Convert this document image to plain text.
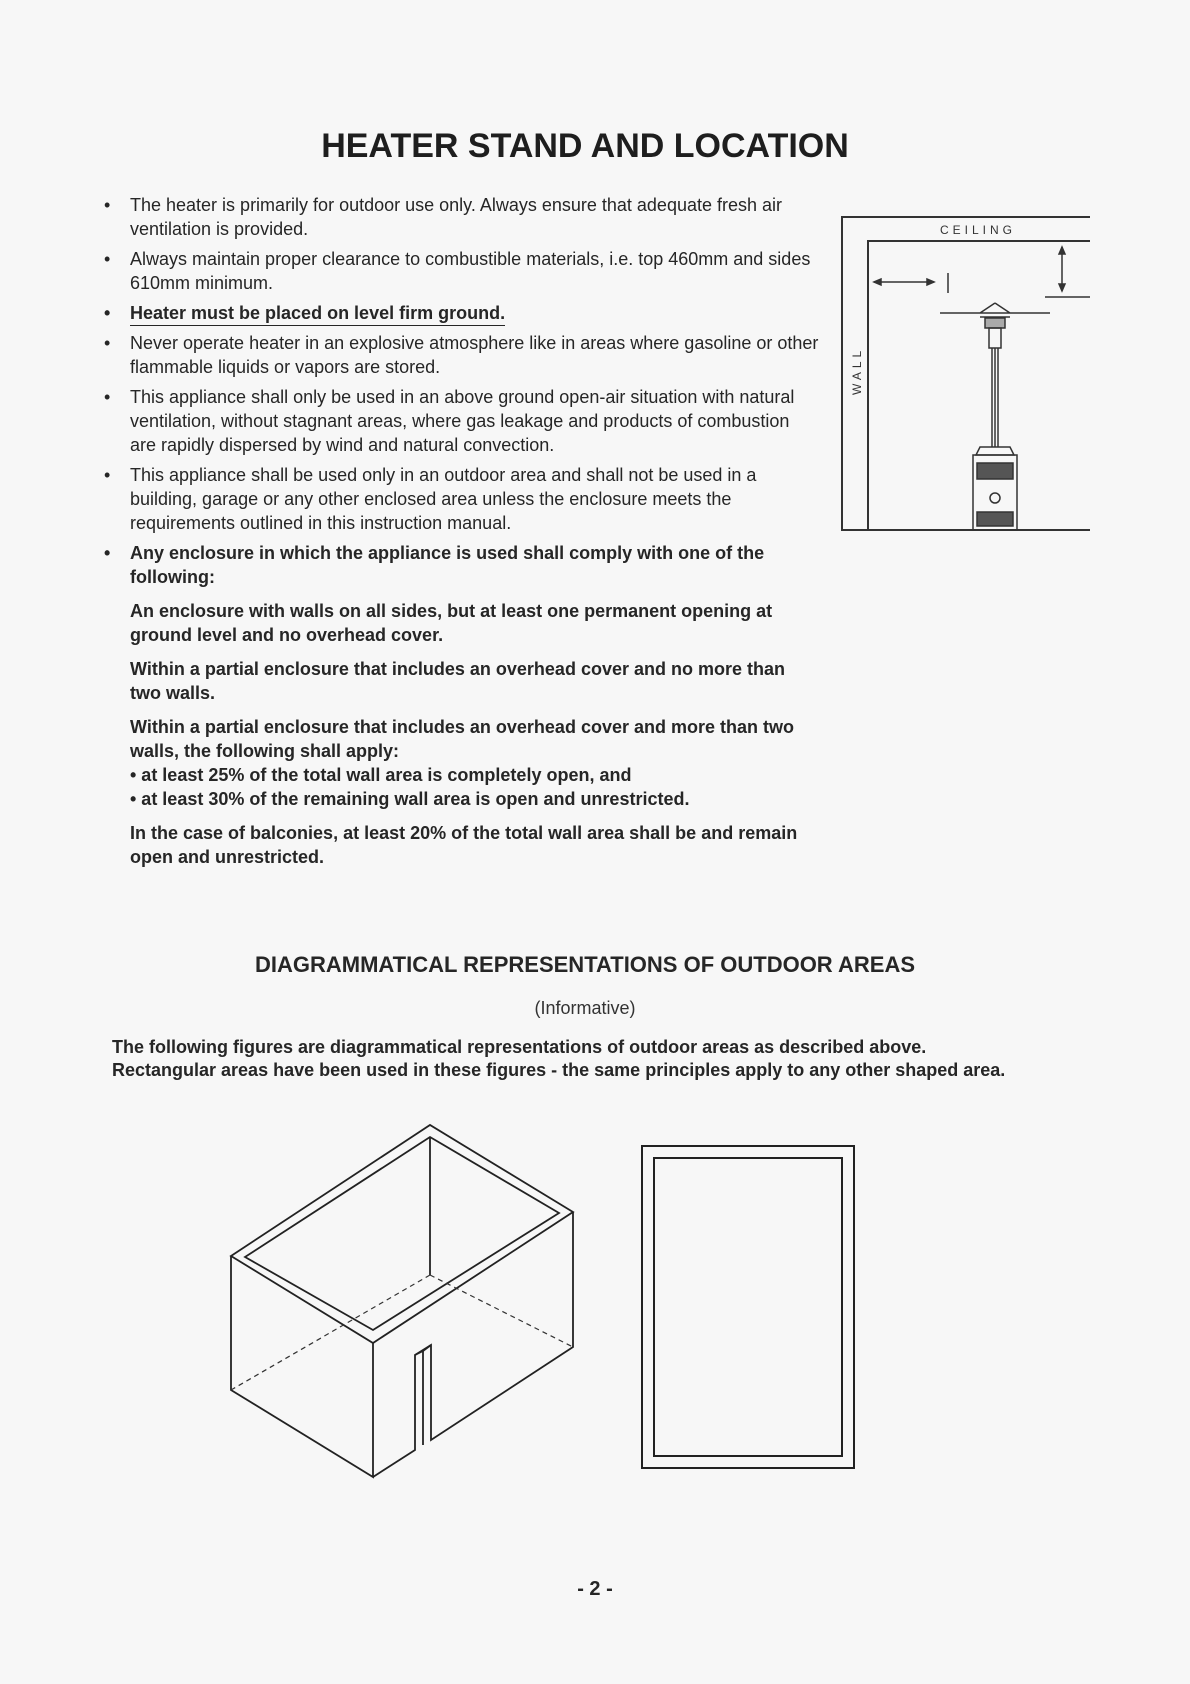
HEATER STAND AND LOCATION
• The heater is primarily for outdoor use only. Always ensure that adequate fresh air ventilation is provided.
• Always maintain proper clearance to combustible materials, i.e. top 460mm and sides 610mm minimum.
• Heater must be placed on level firm ground.
• Never operate heater in an explosive atmosphere like in areas where gasoline or other flammable liquids or vapors are stored.
• This appliance shall only be used in an above ground open-air situation with natural ventilation, without stagnant areas, where gas leakage and products of combustion are rapidly dispersed by wind and natural convection.
• This appliance shall be used only in an outdoor area and shall not be used in a building, garage or any other enclosed area unless the enclosure meets the requirements outlined in this instruction manual.
• Any enclosure in which the appliance is used shall comply with one of the following:
An enclosure with walls on all sides, but at least one permanent opening at ground level and no overhead cover.
Within a partial enclosure that includes an overhead cover and no more than two walls.
Within a partial enclosure that includes an overhead cover and more than two walls, the following shall apply:
• at least 25% of the total wall area is completely open, and
• at least 30% of the remaining wall area is open and unrestricted.
In the case of balconies, at least 20% of the total wall area shall be and remain open and unrestricted.
CEILING
WALL
DIAGRAMMATICAL REPRESENTATIONS OF OUTDOOR AREAS
(Informative)
The following figures are diagrammatical representations of outdoor areas as described above. Rectangular areas have been used in these figures - the same principles apply to any other shaped area.
- 2 -
